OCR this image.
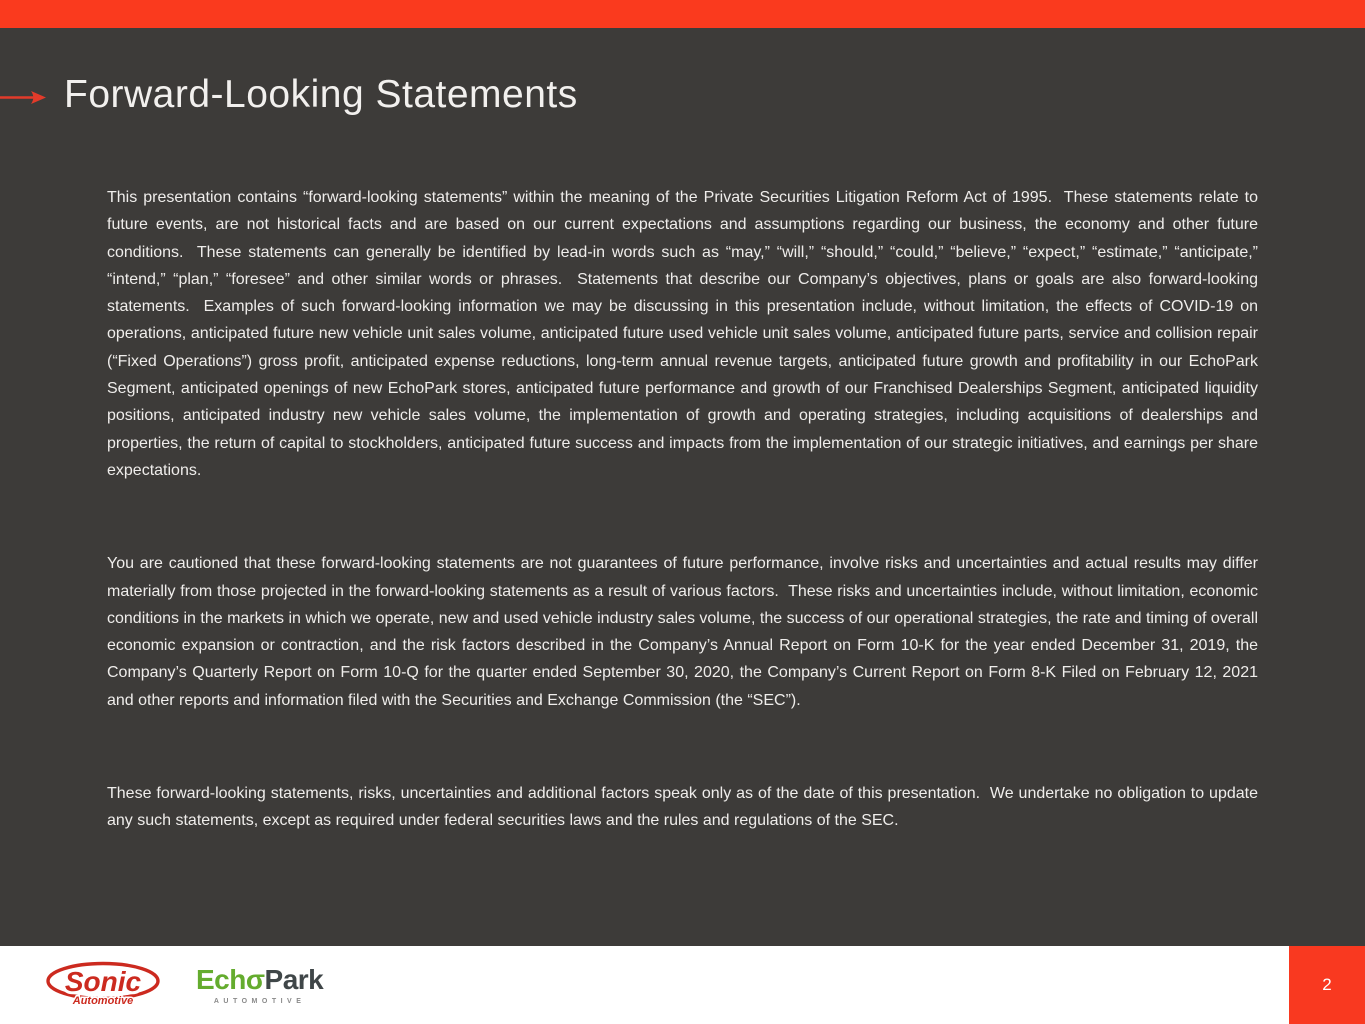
Forward-Looking Statements

This presentation contains “forward-looking statements” within the meaning of the Private Securities Litigation Reform Act of 1995.  These statements relate to future events, are not historical facts and are based on our current expectations and assumptions regarding our business, the economy and other future conditions.  These statements can generally be identified by lead-in words such as “may,” “will,” “should,” “could,” “believe,” “expect,” “estimate,” “anticipate,” “intend,” “plan,” “foresee” and other similar words or phrases.  Statements that describe our Company’s objectives, plans or goals are also forward-looking statements.  Examples of such forward-looking information we may be discussing in this presentation include, without limitation, the effects of COVID-19 on operations, anticipated future new vehicle unit sales volume, anticipated future used vehicle unit sales volume, anticipated future parts, service and collision repair (“Fixed Operations”) gross profit, anticipated expense reductions, long-term annual revenue targets, anticipated future growth and profitability in our EchoPark Segment, anticipated openings of new EchoPark stores, anticipated future performance and growth of our Franchised Dealerships Segment, anticipated liquidity positions, anticipated industry new vehicle sales volume, the implementation of growth and operating strategies, including acquisitions of dealerships and properties, the return of capital to stockholders, anticipated future success and impacts from the implementation of our strategic initiatives, and earnings per share expectations.

You are cautioned that these forward-looking statements are not guarantees of future performance, involve risks and uncertainties and actual results may differ materially from those projected in the forward-looking statements as a result of various factors.  These risks and uncertainties include, without limitation, economic conditions in the markets in which we operate, new and used vehicle industry sales volume, the success of our operational strategies, the rate and timing of overall economic expansion or contraction, and the risk factors described in the Company’s Annual Report on Form 10-K for the year ended December 31, 2019, the Company’s Quarterly Report on Form 10-Q for the quarter ended September 30, 2020, the Company’s Current Report on Form 8-K Filed on February 12, 2021 and other reports and information filed with the Securities and Exchange Commission (the “SEC”).

These forward-looking statements, risks, uncertainties and additional factors speak only as of the date of this presentation.  We undertake no obligation to update any such statements, except as required under federal securities laws and the rules and regulations of the SEC.

Sonic
Automotive
EchσPark
AUTOMOTIVE
2
